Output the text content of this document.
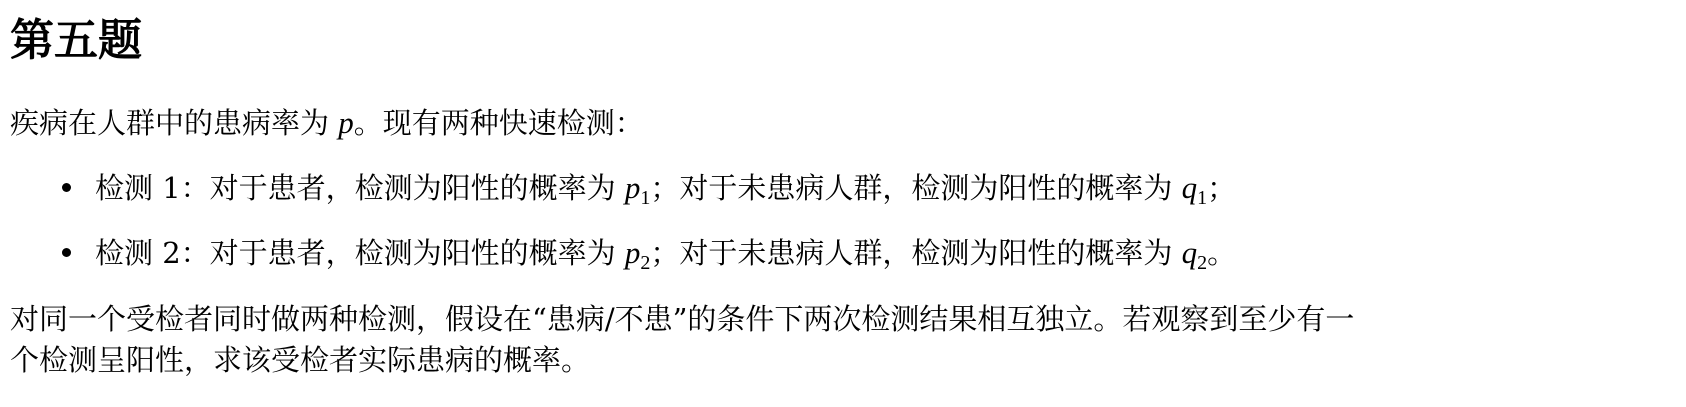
第五题

疾病在人群中的患病率为 p。现有两种快速检测：

检测 1：对于患者，检测为阳性的概率为 $p_1$；对于未患病人群，检测为阳性的概率为 $q_1$；
检测 2：对于患者，检测为阳性的概率为 $p_2$；对于未患病人群，检测为阳性的概率为 $q_2$。

对同一个受检者同时做两种检测，假设在“患病/不患”的条件下两次检测结果相互独立。若观察到至少有一

个检测呈阳性，求该受检者实际患病的概率。
